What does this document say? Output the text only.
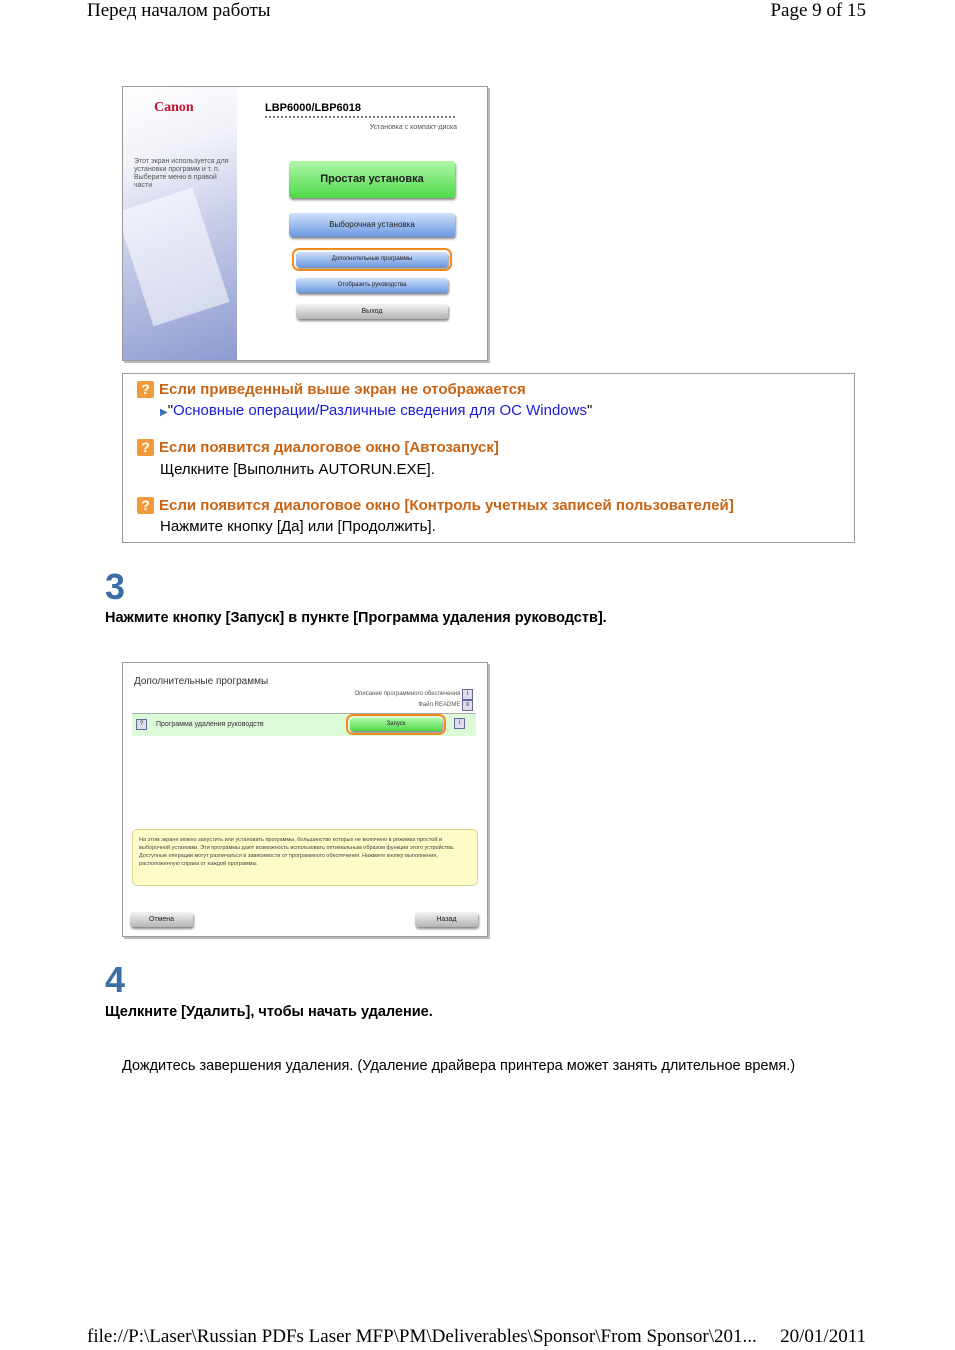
Перед началом работы	Page 9 of 15
Этот экран используется для установки программ и т. п. Выберите меню в правой части
Canon	LBP6000/LBP6018
Установка с компакт-диска
Простая установка
Выборочная установка
Дополнительные программы
Отобразить руководства
Выход
? Если приведенный выше экран не отображается
▶"Основные операции/Различные сведения для ОС Windows"
? Если появится диалоговое окно [Автозапуск]
Щелкните [Выполнить AUTORUN.EXE].
? Если появится диалоговое окно [Контроль учетных записей пользователей]
Нажмите кнопку [Да] или [Продолжить].
3
Нажмите кнопку [Запуск] в пункте [Программа удаления руководств].
Дополнительные программы
Описание программного обеспечения i
Файл README ≡
?	Программа удаления руководств	Запуск	i
На этом экране можно запустить или установить программы, большинство которых не включено в режимах простой и выборочной установки. Эти программы дают возможность использовать оптимальным образом функции этого устройства. Доступные операции могут различаться в зависимости от программного обеспечения. Нажмите кнопку выполнения, расположенную справа от каждой программы.
Отмена	Назад
4
Щелкните [Удалить], чтобы начать удаление.
Дождитесь завершения удаления. (Удаление драйвера принтера может занять длительное время.)
file://P:\Laser\Russian PDFs Laser MFP\PM\Deliverables\Sponsor\From Sponsor\201... 20/01/2011
